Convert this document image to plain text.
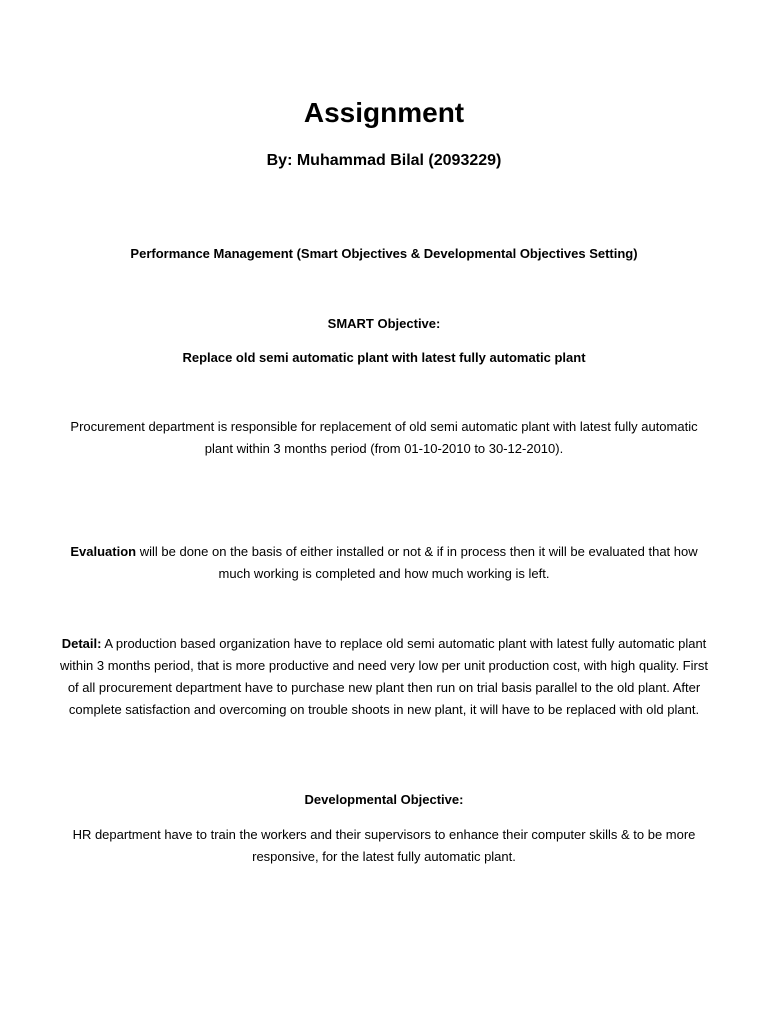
Assignment
By: Muhammad Bilal (2093229)
Performance Management (Smart Objectives & Developmental Objectives Setting)
SMART Objective:
Replace old semi automatic plant with latest fully automatic plant

Procurement department is responsible for replacement of old semi automatic plant with latest fully automatic plant within 3 months period (from 01-10-2010 to 30-12-2010).

Evaluation will be done on the basis of either installed or not & if in process then it will be evaluated that how much working is completed and how much working is left.

Detail: A production based organization have to replace old semi automatic plant with latest fully automatic plant within 3 months period, that is more productive and need very low per unit production cost, with high quality. First of all procurement department have to purchase new plant then run on trial basis parallel to the old plant. After complete satisfaction and overcoming on trouble shoots in new plant, it will have to be replaced with old plant.

Developmental Objective:

HR department have to train the workers and their supervisors to enhance their computer skills & to be more responsive, for the latest fully automatic plant.
